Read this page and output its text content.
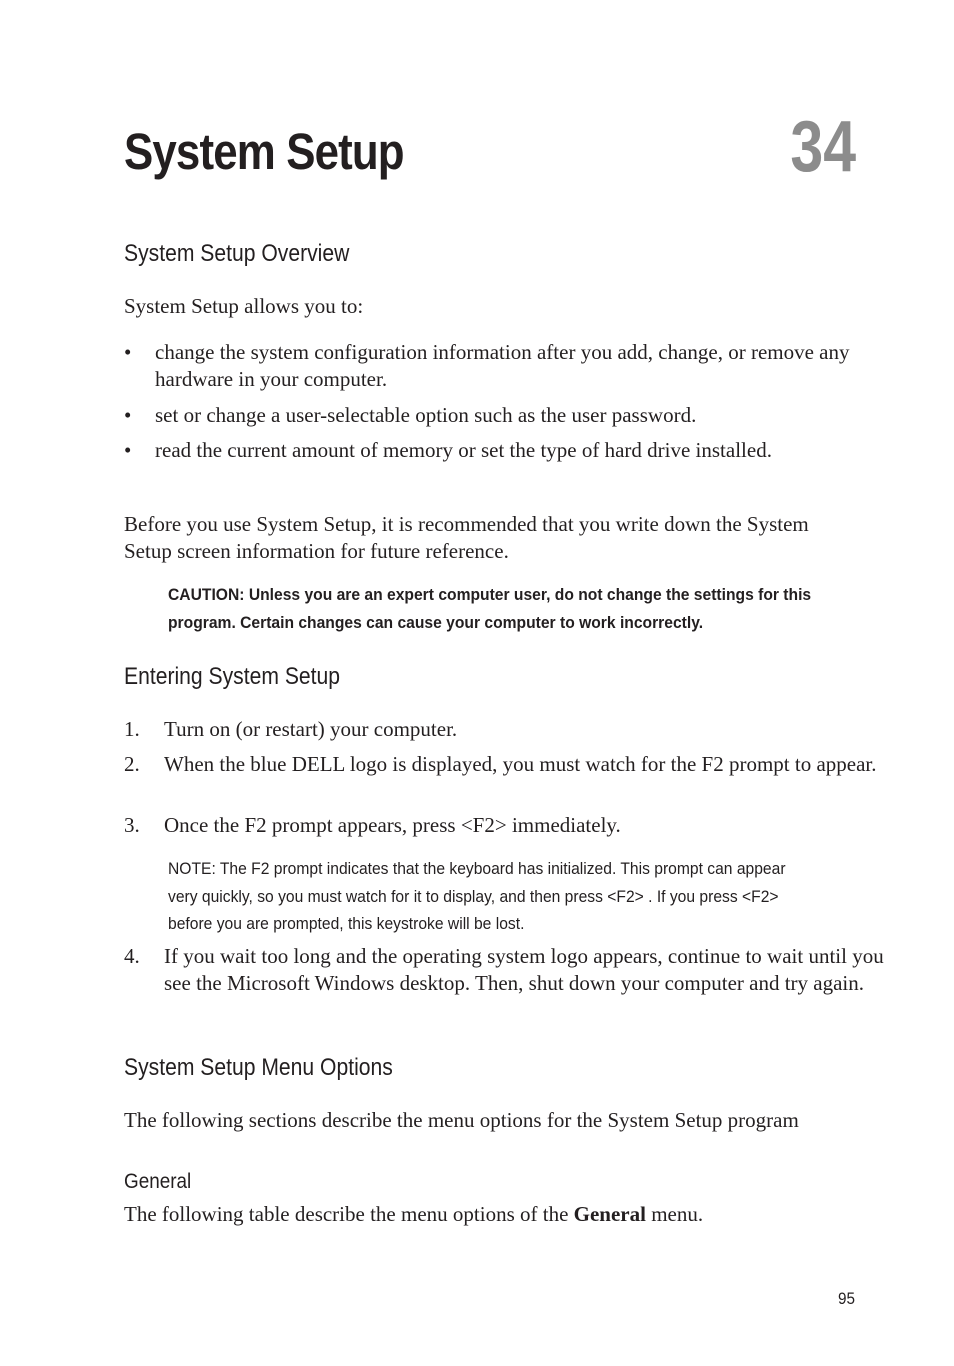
System Setup	34
System Setup Overview

System Setup allows you to:

• change the system configuration information after you add, change, or remove any hardware in your computer.
• set or change a user-selectable option such as the user password.
• read the current amount of memory or set the type of hard drive installed.

Before you use System Setup, it is recommended that you write down the System Setup screen information for future reference.

CAUTION: Unless you are an expert computer user, do not change the settings for this program. Certain changes can cause your computer to work incorrectly.

Entering System Setup
1. Turn on (or restart) your computer.
2. When the blue DELL logo is displayed, you must watch for the F2 prompt to appear.
3. Once the F2 prompt appears, press <F2> immediately.

NOTE: The F2 prompt indicates that the keyboard has initialized. This prompt can appear very quickly, so you must watch for it to display, and then press <F2> . If you press <F2> before you are prompted, this keystroke will be lost.

4. If you wait too long and the operating system logo appears, continue to wait until you see the Microsoft Windows desktop. Then, shut down your computer and try again.
System Setup Menu Options

The following sections describe the menu options for the System Setup program

General

The following table describe the menu options of the General menu.

95
